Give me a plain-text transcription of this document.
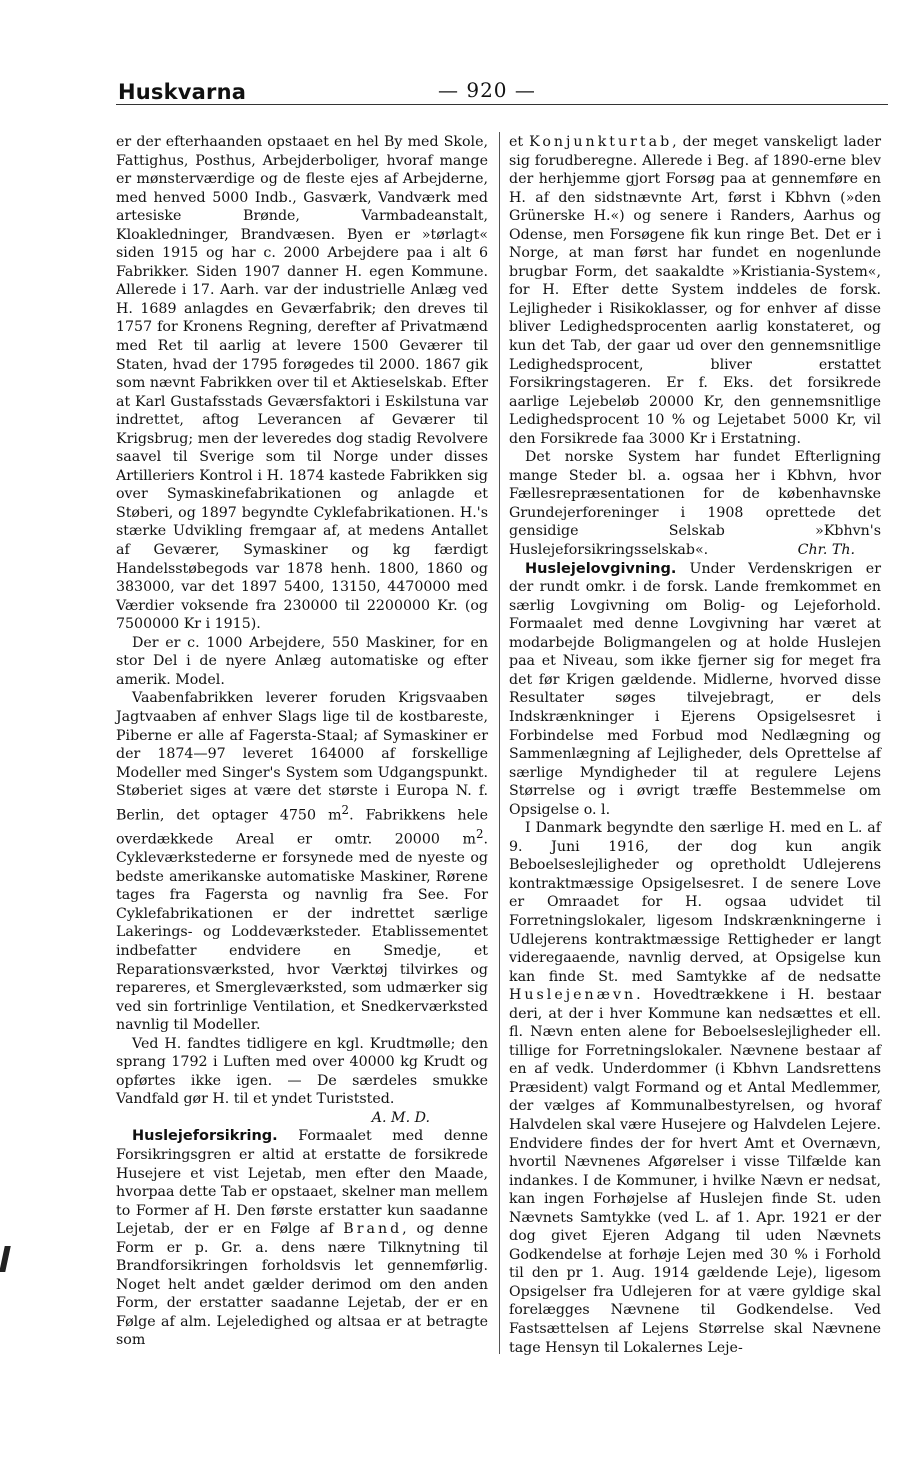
Huskvarna	— 920 —

er der efterhaanden opstaaet en hel By med Skole, Fattighus, Posthus, Arbejderboliger, hvoraf mange er mønsterværdige og de fleste ejes af Arbejderne, med henved 5000 Indb., Gasværk, Vandværk med artesiske Brønde, Varmbadeanstalt, Kloakledninger, Brandvæsen. Byen er »tørlagt« siden 1915 og har c. 2000 Arbejdere paa i alt 6 Fabrikker. Siden 1907 danner H. egen Kommune. Allerede i 17. Aarh. var der industrielle Anlæg ved H. 1689 anlagdes en Geværfabrik; den dreves til 1757 for Kronens Regning, derefter af Privatmænd med Ret til aarlig at levere 1500 Geværer til Staten, hvad der 1795 forøgedes til 2000. 1867 gik som nævnt Fabrikken over til et Aktieselskab. Efter at Karl Gustafsstads Geværsfaktori i Eskilstuna var indrettet, aftog Leverancen af Geværer til Krigsbrug; men der leveredes dog stadig Revolvere saavel til Sverige som til Norge under disses Artilleriers Kontrol i H. 1874 kastede Fabrikken sig over Symaskinefabrikationen og anlagde et Støberi, og 1897 begyndte Cyklefabrikationen. H.'s stærke Udvikling fremgaar af, at medens Antallet af Geværer, Symaskiner og kg færdigt Handelsstøbegods var 1878 henh. 1800, 1860 og 383000, var det 1897 5400, 13150, 4470000 med Værdier voksende fra 230000 til 2200000 Kr. (og 7500000 Kr i 1915).

Der er c. 1000 Arbejdere, 550 Maskiner, for en stor Del i de nyere Anlæg automatiske og efter amerik. Model.

Vaabenfabrikken leverer foruden Krigsvaaben Jagtvaaben af enhver Slags lige til de kostbareste, Piberne er alle af Fagersta-Staal; af Symaskiner er der 1874—97 leveret 164000 af forskellige Modeller med Singer's System som Udgangspunkt. Støberiet siges at være det største i Europa N. f. Berlin, det optager 4750 $m^2$. Fabrikkens hele overdækkede Areal er omtr. 20000 $m^2$. Cykleværkstederne er forsynede med de nyeste og bedste amerikanske automatiske Maskiner, Rørene tages fra Fagersta og navnlig fra See. For Cyklefabrikationen er der indrettet særlige Lakerings- og Loddeværksteder. Etablissementet indbefatter endvidere en Smedje, et Reparationsværksted, hvor Værktøj tilvirkes og repareres, et Smergleværksted, som udmærker sig ved sin fortrinlige Ventilation, et Snedkerværksted navnlig til Modeller.

Ved H. fandtes tidligere en kgl. Krudtmølle; den sprang 1792 i Luften med over 40000 kg Krudt og opførtes ikke igen. — De særdeles smukke Vandfald gør H. til et yndet Turiststed.

A. M. D.

Huslejeforsikring. Formaalet med denne Forsikringsgren er altid at erstatte de forsikrede Husejere et vist Lejetab, men efter den Maade, hvorpaa dette Tab er opstaaet, skelner man mellem to Former af H. Den første erstatter kun saadanne Lejetab, der er en Følge af Brand, og denne Form er p. Gr. a. dens nære Tilknytning til Brandforsikringen forholdsvis let gennemførlig. Noget helt andet gælder derimod om den anden Form, der erstatter saadanne Lejetab, der er en Følge af alm. Lejeledighed og altsaa er at betragte som

et Konjunkturtab, der meget vanskeligt lader sig forudberegne. Allerede i Beg. af 1890-erne blev der herhjemme gjort Forsøg paa at gennemføre en H. af den sidstnævnte Art, først i Kbhvn (»den Grünerske H.«) og senere i Randers, Aarhus og Odense, men Forsøgene fik kun ringe Bet. Det er i Norge, at man først har fundet en nogenlunde brugbar Form, det saakaldte »Kristiania-System«, for H. Efter dette System inddeles de forsk. Lejligheder i Risikoklasser, og for enhver af disse bliver Ledighedsprocenten aarlig konstateret, og kun det Tab, der gaar ud over den gennemsnitlige Ledighedsprocent, bliver erstattet Forsikringstageren. Er f. Eks. det forsikrede aarlige Lejebeløb 20000 Kr, den gennemsnitlige Ledighedsprocent 10 % og Lejetabet 5000 Kr, vil den Forsikrede faa 3000 Kr i Erstatning.

Det norske System har fundet Efterligning mange Steder bl. a. ogsaa her i Kbhvn, hvor Fællesrepræsentationen for de københavnske Grundejerforeninger i 1908 oprettede det gensidige Selskab »Kbhvn's Huslejeforsikringsselskab«.	Chr. Th.

Huslejelovgivning. Under Verdenskrigen er der rundt omkr. i de forsk. Lande fremkommet en særlig Lovgivning om Bolig- og Lejeforhold. Formaalet med denne Lovgivning har været at modarbejde Boligmangelen og at holde Huslejen paa et Niveau, som ikke fjerner sig for meget fra det før Krigen gældende. Midlerne, hvorved disse Resultater søges tilvejebragt, er dels Indskrænkninger i Ejerens Opsigelsesret i Forbindelse med Forbud mod Nedlægning og Sammenlægning af Lejligheder, dels Oprettelse af særlige Myndigheder til at regulere Lejens Størrelse og i øvrigt træffe Bestemmelse om Opsigelse o. l.

I Danmark begyndte den særlige H. med en L. af 9. Juni 1916, der dog kun angik Beboelseslejligheder og opretholdt Udlejerens kontraktmæssige Opsigelsesret. I de senere Love er Omraadet for H. ogsaa udvidet til Forretningslokaler, ligesom Indskrænkningerne i Udlejerens kontraktmæssige Rettigheder er langt videregaaende, navnlig derved, at Opsigelse kun kan finde St. med Samtykke af de nedsatte Huslejenævn. Hovedtrækkene i H. bestaar deri, at der i hver Kommune kan nedsættes et ell. fl. Nævn enten alene for Beboelseslejligheder ell. tillige for Forretningslokaler. Nævnene bestaar af en af vedk. Underdommer (i Kbhvn Landsrettens Præsident) valgt Formand og et Antal Medlemmer, der vælges af Kommunalbestyrelsen, og hvoraf Halvdelen skal være Husejere og Halvdelen Lejere. Endvidere findes der for hvert Amt et Overnævn, hvortil Nævnenes Afgørelser i visse Tilfælde kan indankes. I de Kommuner, i hvilke Nævn er nedsat, kan ingen Forhøjelse af Huslejen finde St. uden Nævnets Samtykke (ved L. af 1. Apr. 1921 er der dog givet Ejeren Adgang til uden Nævnets Godkendelse at forhøje Lejen med 30 % i Forhold til den pr 1. Aug. 1914 gældende Leje), ligesom Opsigelser fra Udlejeren for at være gyldige skal forelægges Nævnene til Godkendelse. Ved Fastsættelsen af Lejens Størrelse skal Nævnene tage Hensyn til Lokalernes Leje-
